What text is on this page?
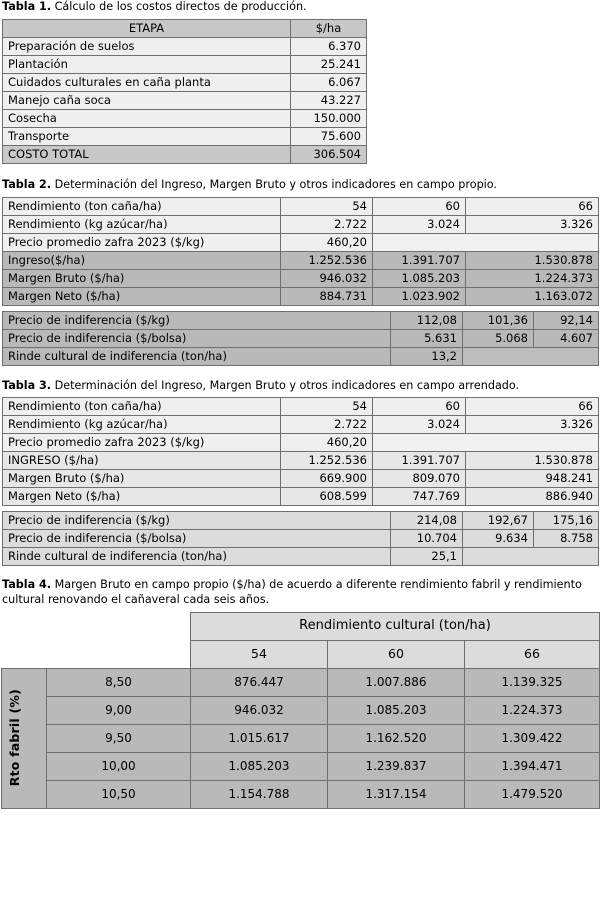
Tabla 1. Cálculo de los costos directos de producción.

ETAPA	$/ha
Preparación de suelos	6.370
Plantación	25.241
Cuidados culturales en caña planta	6.067
Manejo caña soca	43.227
Cosecha	150.000
Transporte	75.600
COSTO TOTAL	306.504

Tabla 2. Determinación del Ingreso, Margen Bruto y otros indicadores en campo propio.

Rendimiento (ton caña/ha)	54	60	66
Rendimiento (kg azúcar/ha)	2.722	3.024	3.326
Precio promedio zafra 2023 ($/kg)	460,20		
Ingreso($/ha)	1.252.536	1.391.707	1.530.878
Margen Bruto ($/ha)	946.032	1.085.203	1.224.373
Margen Neto ($/ha)	884.731	1.023.902	1.163.072
Precio de indiferencia ($/kg)	112,08	101,36	92,14
Precio de indiferencia ($/bolsa)	5.631	5.068	4.607
Rinde cultural de indiferencia (ton/ha)	13,2		

Tabla 3. Determinación del Ingreso, Margen Bruto y otros indicadores en campo arrendado.

Rendimiento (ton caña/ha)	54	60	66
Rendimiento (kg azúcar/ha)	2.722	3.024	3.326
Precio promedio zafra 2023 ($/kg)	460,20		
INGRESO ($/ha)	1.252.536	1.391.707	1.530.878
Margen Bruto ($/ha)	669.900	809.070	948.241
Margen Neto ($/ha)	608.599	747.769	886.940
Precio de indiferencia ($/kg)	214,08	192,67	175,16
Precio de indiferencia ($/bolsa)	10.704	9.634	8.758
Rinde cultural de indiferencia (ton/ha)	25,1		

Tabla 4. Margen Bruto en campo propio ($/ha) de acuerdo a diferente rendimiento fabril y rendimiento cultural renovando el cañaveral cada seis años.

		Rendimiento cultural (ton/ha)		
		54	60	66

Rto fabril (%)	8,50	876.447	1.007.886	1.139.325
	9,00	946.032	1.085.203	1.224.373
	9,50	1.015.617	1.162.520	1.309.422
	10,00	1.085.203	1.239.837	1.394.471
	10,50	1.154.788	1.317.154	1.479.520
